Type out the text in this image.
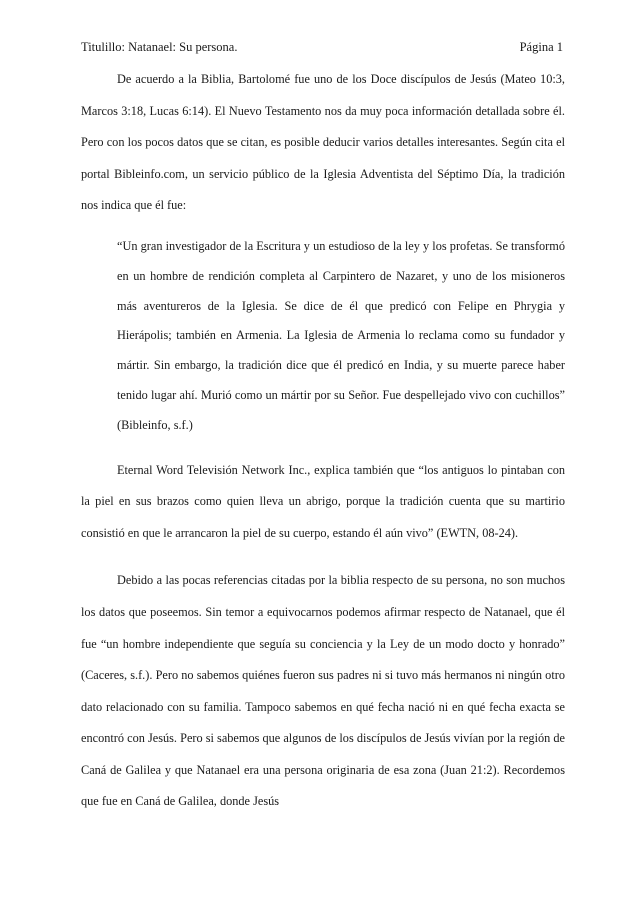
Titulillo: Natanael: Su persona.	Página 1

De acuerdo a la Biblia, Bartolomé fue uno de los Doce discípulos de Jesús (Mateo 10:3, Marcos 3:18, Lucas 6:14). El Nuevo Testamento nos da muy poca información detallada sobre él. Pero con los pocos datos que se citan, es posible deducir varios detalles interesantes. Según cita el portal Bibleinfo.com, un servicio público de la Iglesia Adventista del Séptimo Día, la tradición nos indica que él fue:

“Un gran investigador de la Escritura y un estudioso de la ley y los profetas. Se transformó en un hombre de rendición completa al Carpintero de Nazaret, y uno de los misioneros más aventureros de la Iglesia. Se dice de él que predicó con Felipe en Phrygia y Hierápolis; también en Armenia. La Iglesia de Armenia lo reclama como su fundador y mártir. Sin embargo, la tradición dice que él predicó en India, y su muerte parece haber tenido lugar ahí. Murió como un mártir por su Señor. Fue despellejado vivo con cuchillos” (Bibleinfo, s.f.)

Eternal Word Televisión Network Inc., explica también que “los antiguos lo pintaban con la piel en sus brazos como quien lleva un abrigo, porque la tradición cuenta que su martirio consistió en que le arrancaron la piel de su cuerpo, estando él aún vivo” (EWTN, 08-24).

Debido a las pocas referencias citadas por la biblia respecto de su persona, no son muchos los datos que poseemos. Sin temor a equivocarnos podemos afirmar respecto de Natanael, que él fue “un hombre independiente que seguía su conciencia y la Ley de un modo docto y honrado” (Caceres, s.f.). Pero no sabemos quiénes fueron sus padres ni si tuvo más hermanos ni ningún otro dato relacionado con su familia. Tampoco sabemos en qué fecha nació ni en qué fecha exacta se encontró con Jesús. Pero si sabemos que algunos de los discípulos de Jesús vivían por la región de Caná de Galilea y que Natanael era una persona originaria de esa zona (Juan 21:2). Recordemos que fue en Caná de Galilea, donde Jesús
